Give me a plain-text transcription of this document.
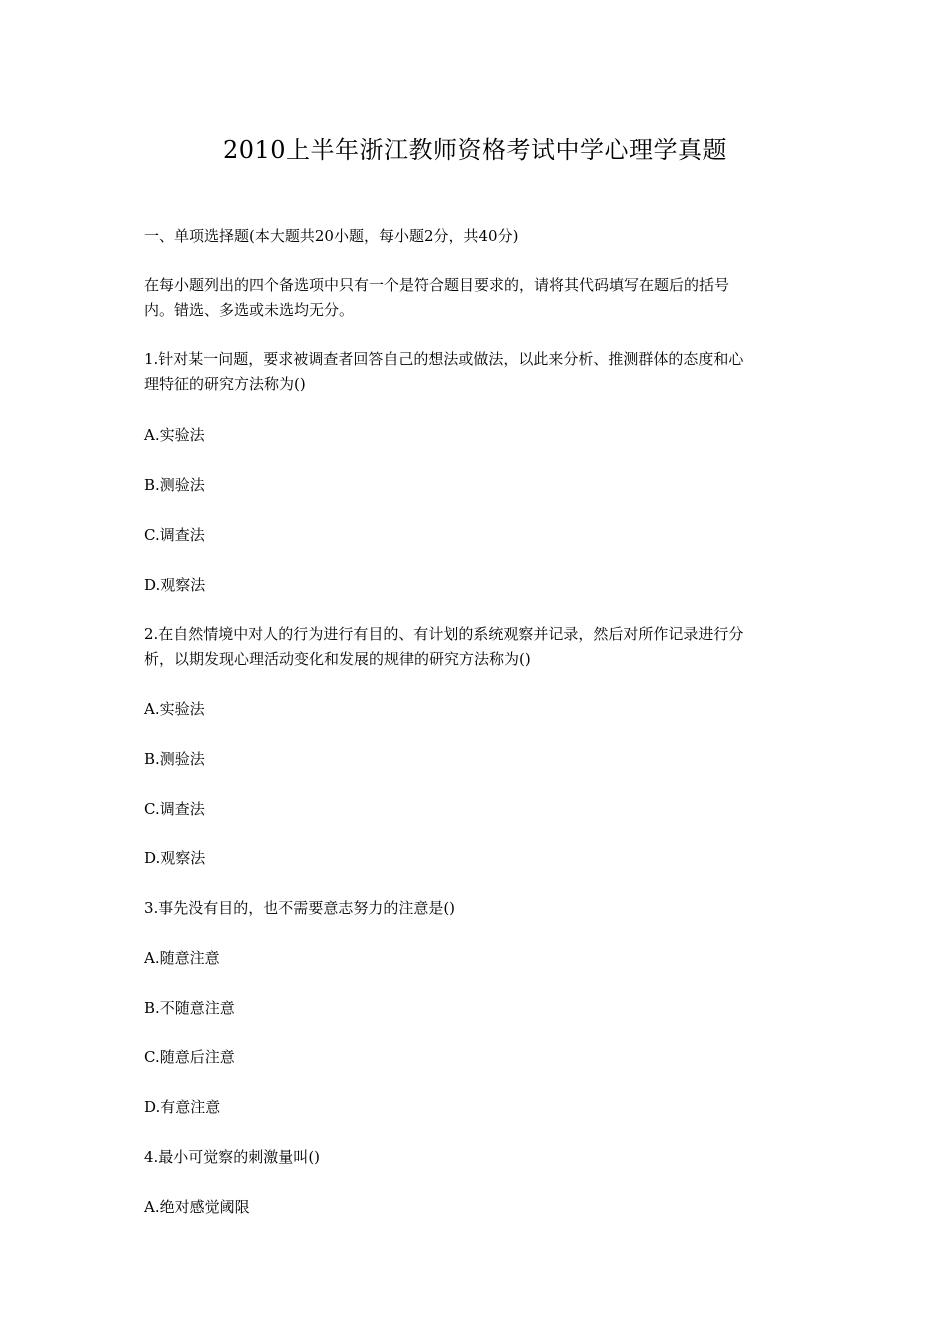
2010上半年浙江教师资格考试中学心理学真题
一、单项选择题(本大题共20小题，每小题2分，共40分)
在每小题列出的四个备选项中只有一个是符合题目要求的，请将其代码填写在题后的括号
内。错选、多选或未选均无分。
1.针对某一问题，要求被调查者回答自己的想法或做法，以此来分析、推测群体的态度和心
理特征的研究方法称为()
A.实验法
B.测验法
C.调查法
D.观察法
2.在自然情境中对人的行为进行有目的、有计划的系统观察并记录，然后对所作记录进行分
析，以期发现心理活动变化和发展的规律的研究方法称为()
A.实验法
B.测验法
C.调查法
D.观察法
3.事先没有目的，也不需要意志努力的注意是()
A.随意注意
B.不随意注意
C.随意后注意
D.有意注意
4.最小可觉察的刺激量叫()
A.绝对感觉阈限
